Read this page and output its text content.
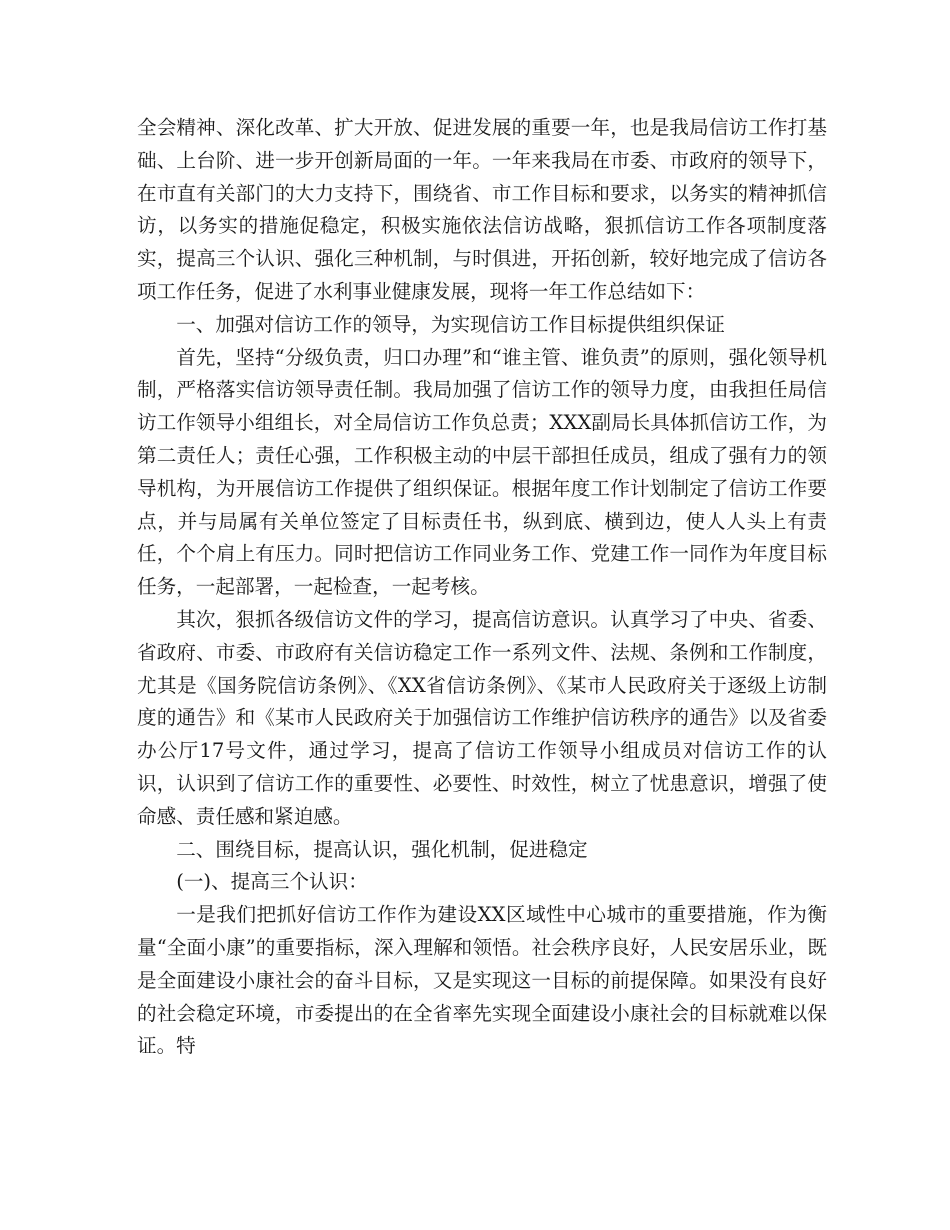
全会精神、深化改革、扩大开放、促进发展的重要一年，也是我局信访工作打基础、上台阶、进一步开创新局面的一年。一年来我局在市委、市政府的领导下，在市直有关部门的大力支持下，围绕省、市工作目标和要求，以务实的精神抓信访，以务实的措施促稳定，积极实施依法信访战略，狠抓信访工作各项制度落实，提高三个认识、强化三种机制，与时俱进，开拓创新，较好地完成了信访各项工作任务，促进了水利事业健康发展，现将一年工作总结如下：

一、加强对信访工作的领导，为实现信访工作目标提供组织保证

首先，坚持“分级负责，归口办理”和“谁主管、谁负责”的原则，强化领导机制，严格落实信访领导责任制。我局加强了信访工作的领导力度，由我担任局信访工作领导小组组长，对全局信访工作负总责；XXX副局长具体抓信访工作，为第二责任人；责任心强，工作积极主动的中层干部担任成员，组成了强有力的领导机构，为开展信访工作提供了组织保证。根据年度工作计划制定了信访工作要点，并与局属有关单位签定了目标责任书，纵到底、横到边，使人人头上有责任，个个肩上有压力。同时把信访工作同业务工作、党建工作一同作为年度目标任务，一起部署，一起检查，一起考核。

其次，狠抓各级信访文件的学习，提高信访意识。认真学习了中央、省委、省政府、市委、市政府有关信访稳定工作一系列文件、法规、条例和工作制度，尤其是《国务院信访条例》、《XX省信访条例》、《某市人民政府关于逐级上访制度的通告》和《某市人民政府关于加强信访工作维护信访秩序的通告》以及省委办公厅17号文件，通过学习，提高了信访工作领导小组成员对信访工作的认识，认识到了信访工作的重要性、必要性、时效性，树立了忧患意识，增强了使命感、责任感和紧迫感。

二、围绕目标，提高认识，强化机制，促进稳定

(一)、提高三个认识：

一是我们把抓好信访工作作为建设XX区域性中心城市的重要措施，作为衡量“全面小康”的重要指标，深入理解和领悟。社会秩序良好，人民安居乐业，既是全面建设小康社会的奋斗目标，又是实现这一目标的前提保障。如果没有良好的社会稳定环境，市委提出的在全省率先实现全面建设小康社会的目标就难以保证。特
